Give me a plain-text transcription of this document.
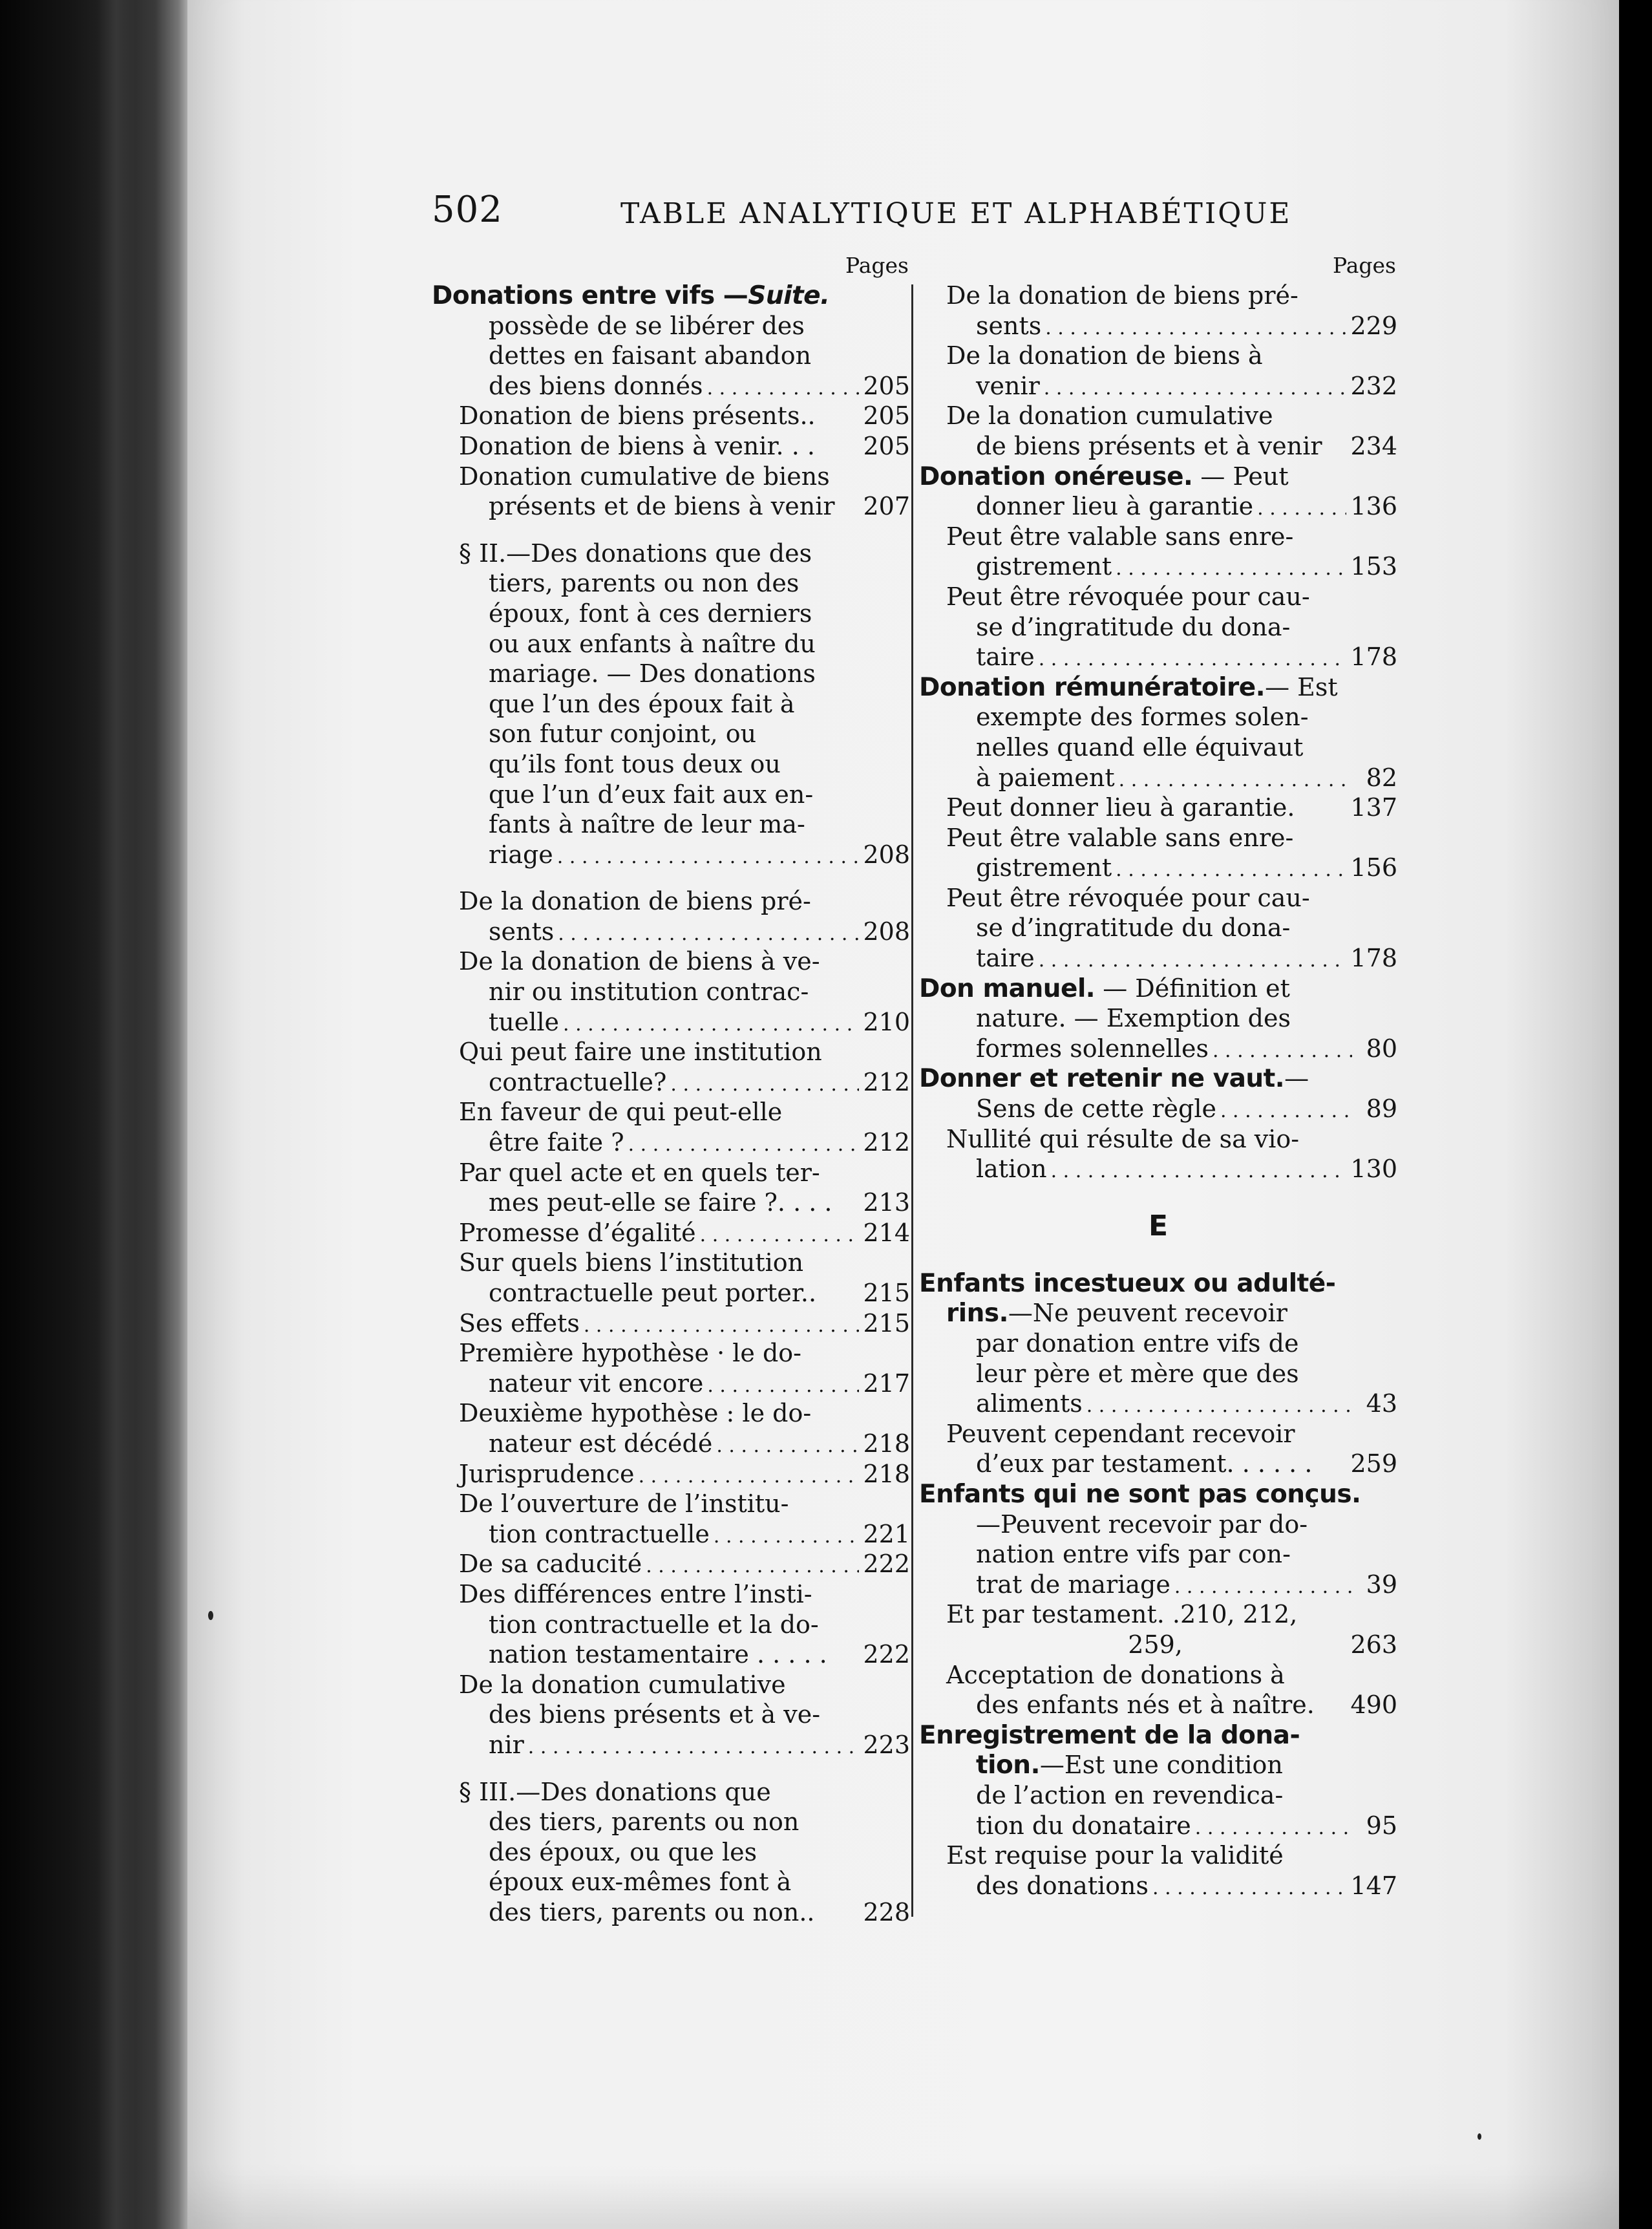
502	TABLE ANALYTIQUE ET ALPHABÉTIQUE
Pages
Donations entre vifs —Suite.
possède de se libérer des
dettes en faisant abandon
des biens donnés . . .	205
Donation de biens présents.. 205
Donation de biens à venir. . . 205
Donation cumulative de biens
présents et de biens à venir 207
§ II.—Des donations que des
tiers, parents ou non des
époux, font à ces derniers
ou aux enfants à naître du
mariage. — Des donations
que l’un des époux fait à
son futur conjoint, ou
qu’ils font tous deux ou
que l’un d’eux fait aux en-
fants à naître de leur ma-
riage . . .	208
De la donation de biens pré-
sents . . .	208
De la donation de biens à ve-
nir ou institution contrac-
tuelle . . .	210
Qui peut faire une institution
contractuelle? . . .	212
En faveur de qui peut-elle
être faite ? . . .	212
Par quel acte et en quels ter-
mes peut-elle se faire ?. . . . 213
Promesse d’égalité . . .	214
Sur quels biens l’institution
contractuelle peut porter.. 215
Ses effets . . .	215
Première hypothèse · le do-
nateur vit encore . . .	217
Deuxième hypothèse : le do-
nateur est décédé . . .	218
Jurisprudence . . .	218
De l’ouverture de l’institu-
tion contractuelle . . .	221
De sa caducité . . .	222
Des différences entre l’insti-
tion contractuelle et la do-
nation testamentaire . . . . . 222
De la donation cumulative
des biens présents et à ve-
nir . . .	223
§ III.—Des donations que
des tiers, parents ou non
des époux, ou que les
époux eux-mêmes font à
des tiers, parents ou non.. 228
Pages
De la donation de biens pré-
sents . . .	229
De la donation de biens à
venir . . .	232
De la donation cumulative
de biens présents et à venir 234
Donation onéreuse. — Peut
donner lieu à garantie . . .	136
Peut être valable sans enre-
gistrement . . .	153
Peut être révoquée pour cau-
se d’ingratitude du dona-
taire . . .	178
Donation rémunératoire.— Est
exempte des formes solen-
nelles quand elle équivaut
à paiement . . .	82
Peut donner lieu à garantie. 137
Peut être valable sans enre-
gistrement . . .	156
Peut être révoquée pour cau-
se d’ingratitude du dona-
taire . . .	178
Don manuel. — Définition et
nature. — Exemption des
formes solennelles . . .	80
Donner et retenir ne vaut.—
Sens de cette règle . . .	89
Nullité qui résulte de sa vio-
lation . . .	130
E
Enfants incestueux ou adulté-
rins.—Ne peuvent recevoir
par donation entre vifs de
leur père et mère que des
aliments . . .	43
Peuvent cependant recevoir
d’eux par testament. . . . . . 259
Enfants qui ne sont pas conçus.
—Peuvent recevoir par do-
nation entre vifs par con-
trat de mariage . . .	39
Et par testament. .210, 212,
259,	263
Acceptation de donations à
des enfants nés et à naître. 490
Enregistrement de la dona-
tion.—Est une condition
de l’action en revendica-
tion du donataire . . .	95
Est requise pour la validité
des donations . . .	147
